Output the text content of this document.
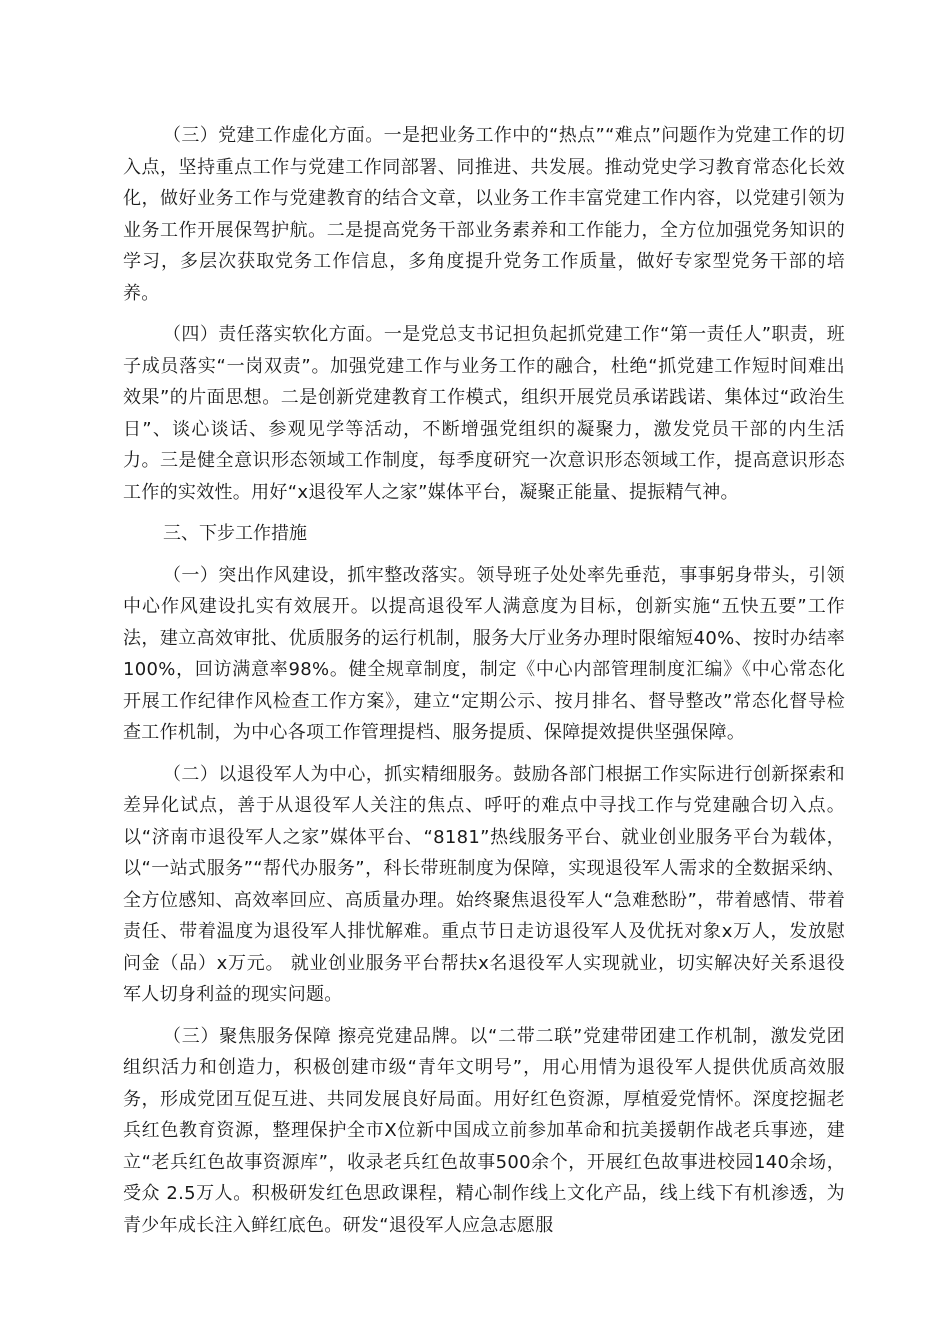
（三）党建工作虚化方面。一是把业务工作中的“热点”“难点”问题作为党建工作的切入点，坚持重点工作与党建工作同部署、同推进、共发展。推动党史学习教育常态化长效化，做好业务工作与党建教育的结合文章，以业务工作丰富党建工作内容，以党建引领为业务工作开展保驾护航。二是提高党务干部业务素养和工作能力，全方位加强党务知识的学习，多层次获取党务工作信息，多角度提升党务工作质量，做好专家型党务干部的培养。

（四）责任落实软化方面。一是党总支书记担负起抓党建工作“第一责任人”职责，班子成员落实“一岗双责”。加强党建工作与业务工作的融合，杜绝“抓党建工作短时间难出效果”的片面思想。二是创新党建教育工作模式，组织开展党员承诺践诺、集体过“政治生日”、谈心谈话、参观见学等活动，不断增强党组织的凝聚力，激发党员干部的内生活力。三是健全意识形态领域工作制度，每季度研究一次意识形态领域工作，提高意识形态工作的实效性。用好“x退役军人之家”媒体平台，凝聚正能量、提振精气神。

三、下步工作措施

（一）突出作风建设，抓牢整改落实。领导班子处处率先垂范，事事躬身带头，引领中心作风建设扎实有效展开。以提高退役军人满意度为目标，创新实施“五快五要”工作法，建立高效审批、优质服务的运行机制，服务大厅业务办理时限缩短40%、按时办结率100%，回访满意率98%。健全规章制度，制定《中心内部管理制度汇编》《中心常态化开展工作纪律作风检查工作方案》，建立“定期公示、按月排名、督导整改”常态化督导检查工作机制，为中心各项工作管理提档、服务提质、保障提效提供坚强保障。

（二）以退役军人为中心，抓实精细服务。鼓励各部门根据工作实际进行创新探索和差异化试点，善于从退役军人关注的焦点、呼吁的难点中寻找工作与党建融合切入点。以“济南市退役军人之家”媒体平台、“8181”热线服务平台、就业创业服务平台为载体，以“一站式服务”“帮代办服务”，科长带班制度为保障，实现退役军人需求的全数据采纳、全方位感知、高效率回应、高质量办理。始终聚焦退役军人“急难愁盼”，带着感情、带着责任、带着温度为退役军人排忧解难。重点节日走访退役军人及优抚对象x万人，发放慰问金（品）x万元。 就业创业服务平台帮扶x名退役军人实现就业，切实解决好关系退役军人切身利益的现实问题。

（三）聚焦服务保障 擦亮党建品牌。以“二带二联”党建带团建工作机制，激发党团组织活力和创造力，积极创建市级“青年文明号”，用心用情为退役军人提供优质高效服务，形成党团互促互进、共同发展良好局面。用好红色资源，厚植爱党情怀。深度挖掘老兵红色教育资源，整理保护全市X位新中国成立前参加革命和抗美援朝作战老兵事迹，建立“老兵红色故事资源库”，收录老兵红色故事500余个，开展红色故事进校园140余场，受众 2.5万人。积极研发红色思政课程，精心制作线上文化产品，线上线下有机渗透，为青少年成长注入鲜红底色。研发“退役军人应急志愿服
